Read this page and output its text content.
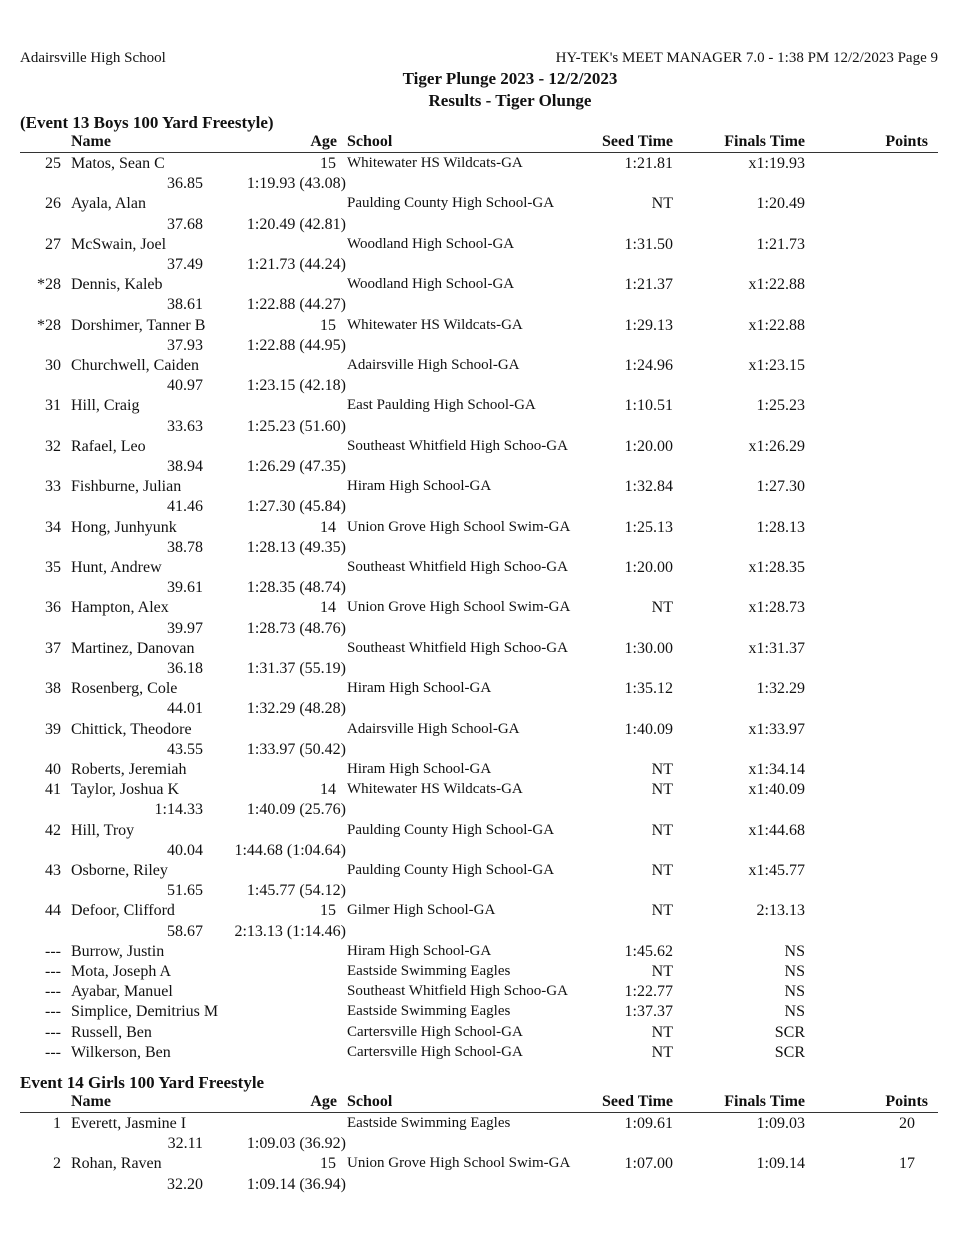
Adairsville High School	HY-TEK's MEET MANAGER 7.0 - 1:38 PM 12/2/2023 Page 9
Tiger Plunge 2023 - 12/2/2023
Results - Tiger Olunge
(Event 13 Boys 100 Yard Freestyle)
Name	Age School	Seed Time	Finals Time	Points
25 Matos, Sean C	15 Whitewater HS Wildcats-GA	1:21.81	x1:19.93
36.85	1:19.93 (43.08)
26 Ayala, Alan	Paulding County High School-GA	NT	1:20.49
37.68	1:20.49 (42.81)
27 McSwain, Joel	Woodland High School-GA	1:31.50	1:21.73
37.49	1:21.73 (44.24)
*28 Dennis, Kaleb	Woodland High School-GA	1:21.37	x1:22.88
38.61	1:22.88 (44.27)
*28 Dorshimer, Tanner B	15 Whitewater HS Wildcats-GA	1:29.13	x1:22.88
37.93	1:22.88 (44.95)
30 Churchwell, Caiden	Adairsville High School-GA	1:24.96	x1:23.15
40.97	1:23.15 (42.18)
31 Hill, Craig	East Paulding High School-GA	1:10.51	1:25.23
33.63	1:25.23 (51.60)
32 Rafael, Leo	Southeast Whitfield High Schoo-GA	1:20.00	x1:26.29
38.94	1:26.29 (47.35)
33 Fishburne, Julian	Hiram High School-GA	1:32.84	1:27.30
41.46	1:27.30 (45.84)
34 Hong, Junhyunk	14 Union Grove High School Swim-GA	1:25.13	1:28.13
38.78	1:28.13 (49.35)
35 Hunt, Andrew	Southeast Whitfield High Schoo-GA	1:20.00	x1:28.35
39.61	1:28.35 (48.74)
36 Hampton, Alex	14 Union Grove High School Swim-GA	NT	x1:28.73
39.97	1:28.73 (48.76)
37 Martinez, Danovan	Southeast Whitfield High Schoo-GA	1:30.00	x1:31.37
36.18	1:31.37 (55.19)
38 Rosenberg, Cole	Hiram High School-GA	1:35.12	1:32.29
44.01	1:32.29 (48.28)
39 Chittick, Theodore	Adairsville High School-GA	1:40.09	x1:33.97
43.55	1:33.97 (50.42)
40 Roberts, Jeremiah	Hiram High School-GA	NT	x1:34.14
41 Taylor, Joshua K	14 Whitewater HS Wildcats-GA	NT	x1:40.09
1:14.33	1:40.09 (25.76)
42 Hill, Troy	Paulding County High School-GA	NT	x1:44.68
40.04 1:44.68 (1:04.64)
43 Osborne, Riley	Paulding County High School-GA	NT	x1:45.77
51.65	1:45.77 (54.12)
44 Defoor, Clifford	15 Gilmer High School-GA	NT	2:13.13
58.67 2:13.13 (1:14.46)
--- Burrow, Justin	Hiram High School-GA	1:45.62	NS
--- Mota, Joseph A	Eastside Swimming Eagles	NT	NS
--- Ayabar, Manuel	Southeast Whitfield High Schoo-GA	1:22.77	NS
--- Simplice, Demitrius M	Eastside Swimming Eagles	1:37.37	NS
--- Russell, Ben	Cartersville High School-GA	NT	SCR
--- Wilkerson, Ben	Cartersville High School-GA	NT	SCR
Event 14 Girls 100 Yard Freestyle
Name	Age School	Seed Time	Finals Time	Points
1 Everett, Jasmine I	Eastside Swimming Eagles	1:09.61	1:09.03	20
32.11	1:09.03 (36.92)
2 Rohan, Raven	15 Union Grove High School Swim-GA	1:07.00	1:09.14	17
32.20	1:09.14 (36.94)
